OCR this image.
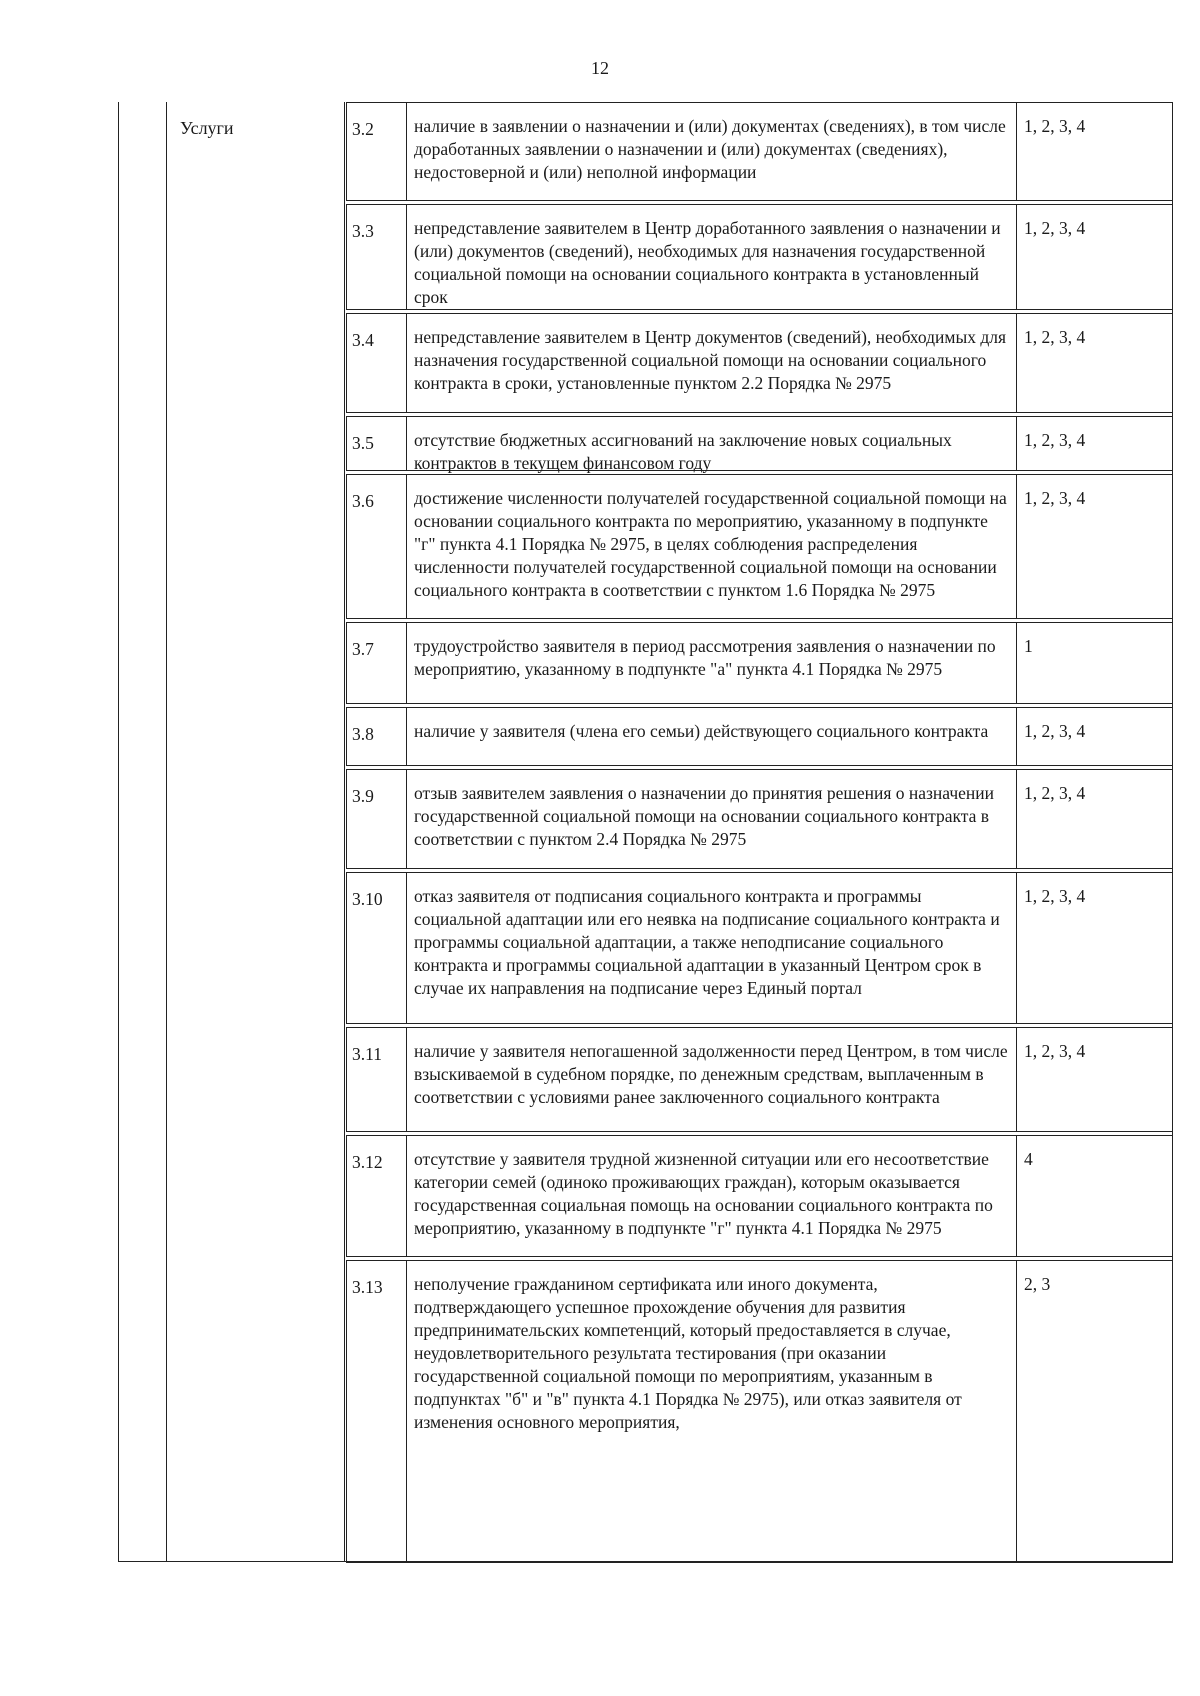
12
Услуги	3.2	наличие в заявлении о назначении и (или) документах (сведениях), в том числе доработанных заявлении о назначении и (или) документах (сведениях), недостоверной и (или) неполной информации
1, 2, 3, 4
3.3	непредставление заявителем в Центр доработанного заявления о назначении и (или) документов (сведений), необходимых для назначения государственной социальной помощи на основании социального контракта в установленный срок
1, 2, 3, 4
3.4	непредставление заявителем в Центр документов (сведений), необходимых для назначения государственной социальной помощи на основании социального контракта в сроки, установленные пунктом 2.2 Порядка № 2975
1, 2, 3, 4
3.5	отсутствие бюджетных ассигнований на заключение новых социальных контрактов в текущем финансовом году
1, 2, 3, 4
3.6	достижение численности получателей государственной социальной помощи на основании социального контракта по мероприятию, указанному в подпункте "г" пункта 4.1 Порядка № 2975, в целях соблюдения распределения численности получателей государственной социальной помощи на основании социального контракта в соответствии с пунктом 1.6 Порядка № 2975
1, 2, 3, 4
3.7	трудоустройство заявителя в период рассмотрения заявления о назначении по мероприятию, указанному в подпункте "а" пункта 4.1 Порядка № 2975
1
3.8	наличие у заявителя (члена его семьи) действующего социального контракта	1, 2, 3, 4
3.9	отзыв заявителем заявления о назначении до принятия решения о назначении государственной социальной помощи на основании социального контракта в соответствии с пунктом 2.4 Порядка № 2975
1, 2, 3, 4
3.10	отказ заявителя от подписания социального контракта и программы социальной адаптации или его неявка на подписание социального контракта и программы социальной адаптации, а также неподписание социального контракта и программы социальной адаптации в указанный Центром срок в случае их направления на подписание через Единый портал
1, 2, 3, 4
3.11	наличие у заявителя непогашенной задолженности перед Центром, в том числе взыскиваемой в судебном порядке, по денежным средствам, выплаченным в соответствии с условиями ранее заключенного социального контракта
1, 2, 3, 4
3.12	отсутствие у заявителя трудной жизненной ситуации или его несоответствие категории семей (одиноко проживающих граждан), которым оказывается государственная социальная помощь на основании социального контракта по мероприятию, указанному в подпункте "г" пункта 4.1 Порядка № 2975
4
3.13	неполучение гражданином сертификата или иного документа, подтверждающего успешное прохождение обучения для развития предпринимательских компетенций, который предоставляется в случае, неудовлетворительного результата тестирования (при оказании государственной социальной помощи по мероприятиям, указанным в подпунктах "б" и "в" пункта 4.1 Порядка № 2975), или отказ заявителя от изменения основного мероприятия,
2, 3
